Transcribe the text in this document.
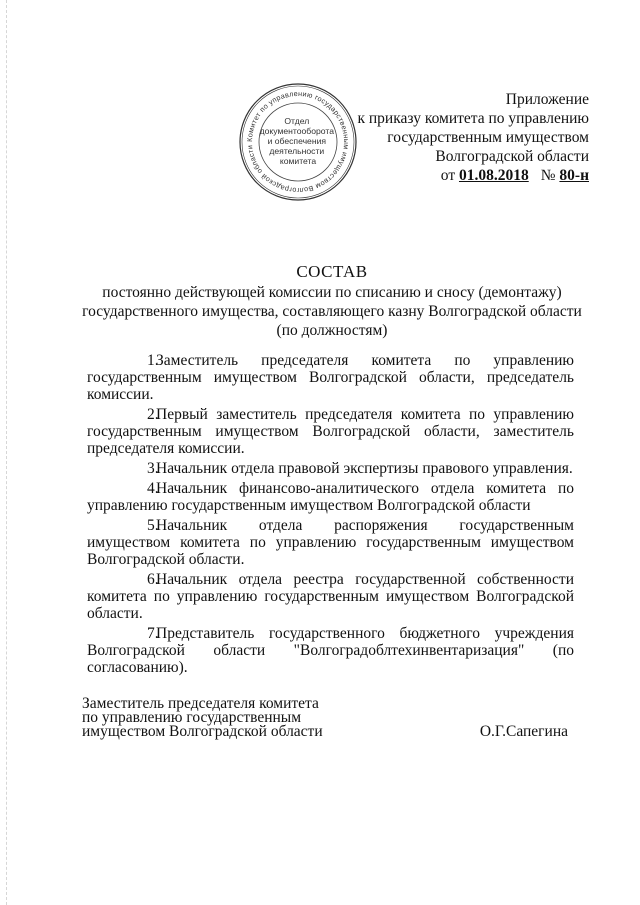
Комитет по управлению государственным имуществом Волгоградской области
Отдел документооборота и обеспечения деятельности комитета
Приложение
к приказу комитета по управлению
государственным имуществом
Волгоградской области
от 01.08.2018 № 80-н
СОСТАВ
постоянно действующей комиссии по списанию и сносу (демонтажу)
государственного имущества, составляющего казну Волгоградской области
(по должностям)

1.Заместитель председателя комитета по управлению государственным имуществом Волгоградской области, председатель комиссии.

2.Первый заместитель председателя комитета по управлению государственным имуществом Волгоградской области, заместитель председателя комиссии.

3.Начальник отдела правовой экспертизы правового управления.

4.Начальник финансово-аналитического отдела комитета по управлению государственным имуществом Волгоградской области

5.Начальник отдела распоряжения государственным имуществом комитета по управлению государственным имуществом Волгоградской области.

6.Начальник отдела реестра государственной собственности комитета по управлению государственным имуществом Волгоградской области.

7.Представитель государственного бюджетного учреждения Волгоградской области "Волгоградоблтехинвентаризация" (по согласованию).

Заместитель председателя комитета
по управлению государственным
имуществом Волгоградской области	О.Г.Сапегина
